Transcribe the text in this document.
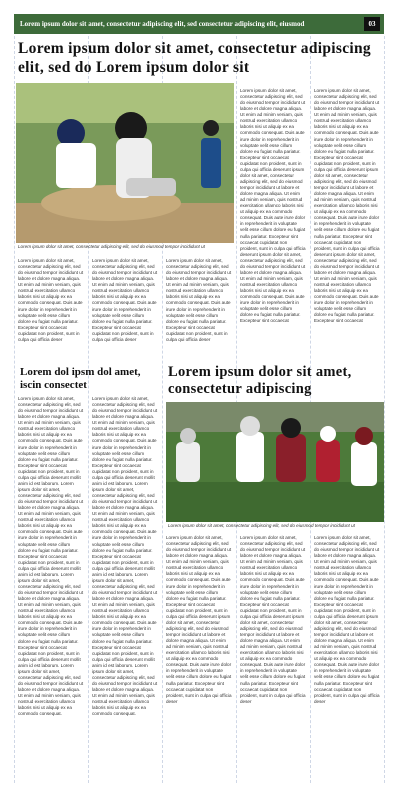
Lorem ipsum dolor sit amet, consectetur adipiscing elit, sed consectetur adipiscing elit, eiusmod	03
Lorem ipsum dolor sit amet, consectetur adipiscing elit, sed do Lorem ipsum dolor sit
Lorem ipsum dolor sit amet, consectetur adipiscing elit, sed do eiusmod tempor incididunt ut
Lorem ipsum dolor sit amet, consectetur adipiscing elit, sed do eiusmod tempor incididunt ut labore et dolore magna aliqua. Ut enim ad minim veniam, quis nostrud exercitation ullamco laboris nisi ut aliquip ex ea commodo consequat. Duis aute irure dolor in reprehenderit in voluptate velit esse cillum dolore eu fugiat nulla pariatur. Excepteur sint occaecat cupidatat non proident, sunt in culpa qui officia deser
Lorem ipsum dolor sit amet, consectetur adipiscing elit, sed do eiusmod tempor incididunt ut labore et dolore magna aliqua. Ut enim ad minim veniam, quis nostrud exercitation ullamco laboris nisi ut aliquip ex ea commodo consequat. Duis aute irure dolor in reprehenderit in voluptate velit esse cillum dolore eu fugiat nulla pariatur. Excepteur sint occaecat cupidatat non proident, sunt in culpa qui officia deser
Lorem ipsum dolor sit amet, consectetur adipiscing elit, sed do eiusmod tempor incididunt ut labore et dolore magna aliqua. Ut enim ad minim veniam, quis nostrud exercitation ullamco laboris nisi ut aliquip ex ea commodo consequat. Duis aute irure dolor in reprehenderit in voluptate velit esse cillum dolore eu fugiat nulla pariatur. Excepteur sint occaecat cupidatat non proident, sunt in culpa qui officia deser
Lorem ipsum dolor sit amet, consectetur adipiscing elit, sed do eiusmod tempor incididunt ut labore et dolore magna aliqua. Ut enim ad minim veniam, quis nostrud exercitation ullamco laboris nisi ut aliquip ex ea commodo consequat. Duis aute irure dolor in reprehenderit in voluptate velit esse cillum dolore eu fugiat nulla pariatur. Excepteur sint occaecat cupidatat non proident, sunt in culpa qui officia deserunt ipsum dolor sit amet, consectetur adipiscing elit, sed do eiusmod tempor incididunt ut labore et dolore magna aliqua. Ut enim ad minim veniam, quis nostrud exercitation ullamco laboris nisi ut aliquip ex ea commodo consequat. Duis aute irure dolor in reprehenderit in voluptate velit esse cillum dolore eu fugiat nulla pariatur. Excepteur sint occaecat cupidatat non proident, sunt in culpa qui officia deserunt ipsum dolor sit amet, consectetur adipiscing elit, sed do eiusmod tempor incididunt ut labore et dolore magna aliqua. Ut enim ad minim veniam, quis nostrud exercitation ullamco laboris nisi ut aliquip ex ea commodo consequat. Duis aute irure dolor in reprehenderit in voluptate velit esse cillum dolore eu fugiat nulla pariatur. Excepteur sint occaecat
Lorem ipsum dolor sit amet, consectetur adipiscing elit, sed do eiusmod tempor incididunt ut labore et dolore magna aliqua. Ut enim ad minim veniam, quis nostrud exercitation ullamco laboris nisi ut aliquip ex ea commodo consequat. Duis aute irure dolor in reprehenderit in voluptate velit esse cillum dolore eu fugiat nulla pariatur. Excepteur sint occaecat cupidatat non proident, sunt in culpa qui officia deserunt ipsum dolor sit amet, consectetur adipiscing elit, sed do eiusmod tempor incididunt ut labore et dolore magna aliqua. Ut enim ad minim veniam, quis nostrud exercitation ullamco laboris nisi ut aliquip ex ea commodo consequat. Duis aute irure dolor in reprehenderit in voluptate velit esse cillum dolore eu fugiat nulla pariatur. Excepteur sint occaecat cupidatat non proident, sunt in culpa qui officia deserunt ipsum dolor sit amet, consectetur adipiscing elit, sed do eiusmod tempor incididunt ut labore et dolore magna aliqua. Ut enim ad minim veniam, quis nostrud exercitation ullamco laboris nisi ut aliquip ex ea commodo consequat. Duis aute irure dolor in reprehenderit in voluptate velit esse cillum dolore eu fugiat nulla pariatur. Excepteur sint occaecat
Lorem dol ipsm dol amet, iscin consectet
Lorem ipsum dolor sit amet, consectetur adipiscing elit, sed do eiusmod tempor incididunt ut labore et dolore magna aliqua. Ut enim ad minim veniam, quis nostrud exercitation ullamco laboris nisi ut aliquip ex ea commodo consequat. Duis aute irure dolor in reprehenderit in voluptate velit esse cillum dolore eu fugiat nulla pariatur. Excepteur sint occaecat cupidatat non proident, sunt in culpa qui officia deserunt mollit anim id est laborum. Lorem ipsum dolor sit amet, consectetur adipiscing elit, sed do eiusmod tempor incididunt ut labore et dolore magna aliqua. Ut enim ad minim veniam, quis nostrud exercitation ullamco laboris nisi ut aliquip ex ea commodo consequat. Duis aute irure dolor in reprehenderit in voluptate velit esse cillum dolore eu fugiat nulla pariatur. Excepteur sint occaecat cupidatat non proident, sunt in culpa qui officia deserunt mollit anim id est laborum. Lorem ipsum dolor sit amet, consectetur adipiscing elit, sed do eiusmod tempor incididunt ut labore et dolore magna aliqua. Ut enim ad minim veniam, quis nostrud exercitation ullamco laboris nisi ut aliquip ex ea commodo consequat. Duis aute irure dolor in reprehenderit in voluptate velit esse cillum dolore eu fugiat nulla pariatur. Excepteur sint occaecat cupidatat non proident, sunt in culpa qui officia deserunt mollit anim id est laborum. Lorem ipsum dolor sit amet, consectetur adipiscing elit, sed do eiusmod tempor incididunt ut labore et dolore magna aliqua. Ut enim ad minim veniam, quis nostrud exercitation ullamco laboris nisi ut aliquip ex ea commodo consequat.
Lorem ipsum dolor sit amet, consectetur adipiscing elit, sed do eiusmod tempor incididunt ut labore et dolore magna aliqua. Ut enim ad minim veniam, quis nostrud exercitation ullamco laboris nisi ut aliquip ex ea commodo consequat. Duis aute irure dolor in reprehenderit in voluptate velit esse cillum dolore eu fugiat nulla pariatur. Excepteur sint occaecat cupidatat non proident, sunt in culpa qui officia deserunt mollit anim id est laborum. Lorem ipsum dolor sit amet, consectetur adipiscing elit, sed do eiusmod tempor incididunt ut labore et dolore magna aliqua. Ut enim ad minim veniam, quis nostrud exercitation ullamco laboris nisi ut aliquip ex ea commodo consequat. Duis aute irure dolor in reprehenderit in voluptate velit esse cillum dolore eu fugiat nulla pariatur. Excepteur sint occaecat cupidatat non proident, sunt in culpa qui officia deserunt mollit anim id est laborum. Lorem ipsum dolor sit amet, consectetur adipiscing elit, sed do eiusmod tempor incididunt ut labore et dolore magna aliqua. Ut enim ad minim veniam, quis nostrud exercitation ullamco laboris nisi ut aliquip ex ea commodo consequat. Duis aute irure dolor in reprehenderit in voluptate velit esse cillum dolore eu fugiat nulla pariatur. Excepteur sint occaecat cupidatat non proident, sunt in culpa qui officia deserunt mollit anim id est laborum. Lorem ipsum dolor sit amet, consectetur adipiscing elit, sed do eiusmod tempor incididunt ut labore et dolore magna aliqua. Ut enim ad minim veniam, quis nostrud exercitation ullamco laboris nisi ut aliquip ex ea commodo consequat.
Lorem ipsum dolor sit amet, consectetur adipiscing
Lorem ipsum dolor sit amet, consectetur adipiscing elit, sed do eiusmod tempor incididunt ut
Lorem ipsum dolor sit amet, consectetur adipiscing elit, sed do eiusmod tempor incididunt ut labore et dolore magna aliqua. Ut enim ad minim veniam, quis nostrud exercitation ullamco laboris nisi ut aliquip ex ea commodo consequat. Duis aute irure dolor in reprehenderit in voluptate velit esse cillum dolore eu fugiat nulla pariatur. Excepteur sint occaecat cupidatat non proident, sunt in culpa qui officia deserunt ipsum dolor sit amet, consectetur adipiscing elit, sed do eiusmod tempor incididunt ut labore et dolore magna aliqua. Ut enim ad minim veniam, quis nostrud exercitation ullamco laboris nisi ut aliquip ex ea commodo consequat. Duis aute irure dolor in reprehenderit in voluptate velit esse cillum dolore eu fugiat nulla pariatur. Excepteur sint occaecat cupidatat non proident, sunt in culpa qui officia deser
Lorem ipsum dolor sit amet, consectetur adipiscing elit, sed do eiusmod tempor incididunt ut labore et dolore magna aliqua. Ut enim ad minim veniam, quis nostrud exercitation ullamco laboris nisi ut aliquip ex ea commodo consequat. Duis aute irure dolor in reprehenderit in voluptate velit esse cillum dolore eu fugiat nulla pariatur. Excepteur sint occaecat cupidatat non proident, sunt in culpa qui officia deserunt ipsum dolor sit amet, consectetur adipiscing elit, sed do eiusmod tempor incididunt ut labore et dolore magna aliqua. Ut enim ad minim veniam, quis nostrud exercitation ullamco laboris nisi ut aliquip ex ea commodo consequat. Duis aute irure dolor in reprehenderit in voluptate velit esse cillum dolore eu fugiat nulla pariatur. Excepteur sint occaecat cupidatat non proident, sunt in culpa qui officia deser
Lorem ipsum dolor sit amet, consectetur adipiscing elit, sed do eiusmod tempor incididunt ut labore et dolore magna aliqua. Ut enim ad minim veniam, quis nostrud exercitation ullamco laboris nisi ut aliquip ex ea commodo consequat. Duis aute irure dolor in reprehenderit in voluptate velit esse cillum dolore eu fugiat nulla pariatur. Excepteur sint occaecat cupidatat non proident, sunt in culpa qui officia deserunt ipsum dolor sit amet, consectetur adipiscing elit, sed do eiusmod tempor incididunt ut labore et dolore magna aliqua. Ut enim ad minim veniam, quis nostrud exercitation ullamco laboris nisi ut aliquip ex ea commodo consequat. Duis aute irure dolor in reprehenderit in voluptate velit esse cillum dolore eu fugiat nulla pariatur. Excepteur sint occaecat cupidatat non proident, sunt in culpa qui officia deser
